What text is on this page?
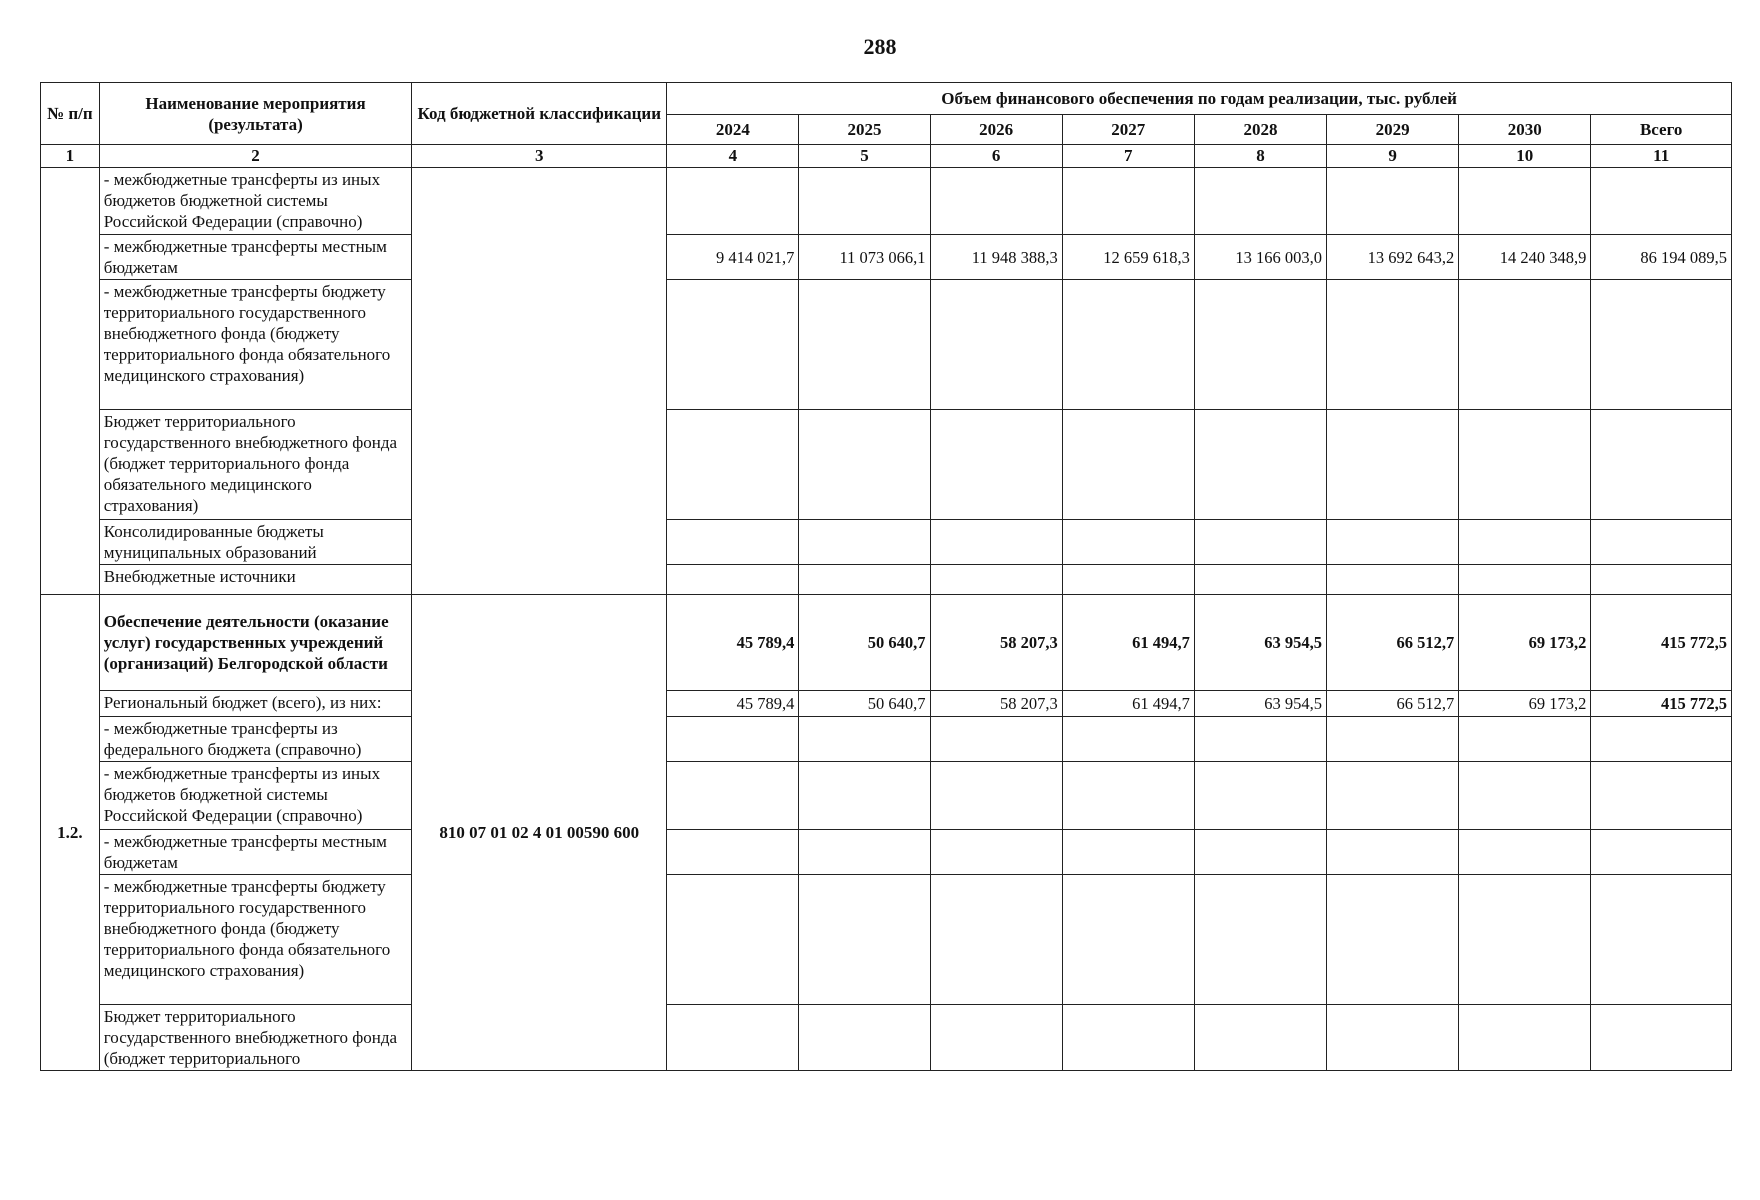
288
№ п/п	Наименование мероприятия (результата)	Код бюджетной классификации	Объем финансового обеспечения по годам реализации, тыс. рублей							
			2024	2025	2026	2027	2028	2029	2030	Всего
1	2	3	4	5	6	7	8	9	10	11
	- межбюджетные трансферты из иных бюджетов бюджетной системы Российской Федерации (справочно)									
	- межбюджетные трансферты местным бюджетам		9 414 021,7	11 073 066,1	11 948 388,3	12 659 618,3	13 166 003,0	13 692 643,2	14 240 348,9	86 194 089,5
	- межбюджетные трансферты бюджету территориального государственного внебюджетного фонда (бюджету территориального фонда обязательного медицинского страхования)									
	Бюджет территориального государственного внебюджетного фонда (бюджет территориального фонда обязательного медицинского страхования)									
	Консолидированные бюджеты муниципальных образований									
	Внебюджетные источники									
1.2.	Обеспечение деятельности (оказание услуг) государственных учреждений (организаций) Белгородской области	810 07 01 02 4 01 00590 600	45 789,4	50 640,7	58 207,3	61 494,7	63 954,5	66 512,7	69 173,2	415 772,5
	Региональный бюджет (всего), из них:		45 789,4	50 640,7	58 207,3	61 494,7	63 954,5	66 512,7	69 173,2	415 772,5
	- межбюджетные трансферты из федерального бюджета (справочно)									
	- межбюджетные трансферты из иных бюджетов бюджетной системы Российской Федерации (справочно)									
	- межбюджетные трансферты местным бюджетам									
	- межбюджетные трансферты бюджету территориального государственного внебюджетного фонда (бюджету территориального фонда обязательного медицинского страхования)									
	Бюджет территориального государственного внебюджетного фонда (бюджет территориального									
